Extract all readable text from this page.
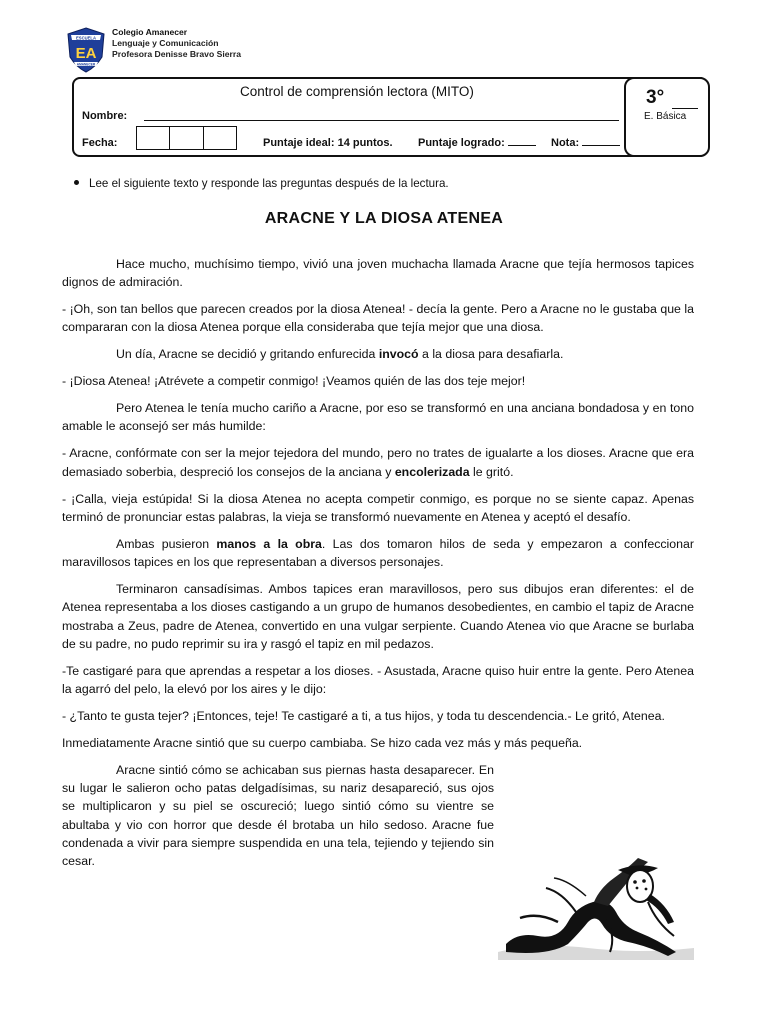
ESCUELA
EA
AMANECER
Colegio Amanecer
Lenguaje y Comunicación
Profesora Denisse Bravo Sierra
Control de comprensión lectora (MITO)
Nombre:
Fecha:	Puntaje ideal: 14 puntos. Puntaje logrado:	Nota:
3°
E. Básica
Lee el siguiente texto y responde las preguntas después de la lectura.
ARACNE Y LA DIOSA ATENEA

Hace mucho, muchísimo tiempo, vivió una joven muchacha llamada Aracne que tejía hermosos tapices dignos de admiración.

- ¡Oh, son tan bellos que parecen creados por la diosa Atenea! - decía la gente. Pero a Aracne no le gustaba que la compararan con la diosa Atenea porque ella consideraba que tejía mejor que una diosa.

Un día, Aracne se decidió y gritando enfurecida invocó a la diosa para desafiarla.

- ¡Diosa Atenea! ¡Atrévete a competir conmigo! ¡Veamos quién de las dos teje mejor!

Pero Atenea le tenía mucho cariño a Aracne, por eso se transformó en una anciana bondadosa y en tono amable le aconsejó ser más humilde:

- Aracne, confórmate con ser la mejor tejedora del mundo, pero no trates de igualarte a los dioses. Aracne que era demasiado soberbia, despreció los consejos de la anciana y encolerizada le gritó.

- ¡Calla, vieja estúpida! Si la diosa Atenea no acepta competir conmigo, es porque no se siente capaz. Apenas terminó de pronunciar estas palabras, la vieja se transformó nuevamente en Atenea y aceptó el desafío.

Ambas pusieron manos a la obra. Las dos tomaron hilos de seda y empezaron a confeccionar maravillosos tapices en los que representaban a diversos personajes.

Terminaron cansadísimas. Ambos tapices eran maravillosos, pero sus dibujos eran diferentes: el de Atenea representaba a los dioses castigando a un grupo de humanos desobedientes, en cambio el tapiz de Aracne mostraba a Zeus, padre de Atenea, convertido en una vulgar serpiente. Cuando Atenea vio que Aracne se burlaba de su padre, no pudo reprimir su ira y rasgó el tapiz en mil pedazos.

-Te castigaré para que aprendas a respetar a los dioses. - Asustada, Aracne quiso huir entre la gente. Pero Atenea la agarró del pelo, la elevó por los aires y le dijo:

- ¿Tanto te gusta tejer? ¡Entonces, teje! Te castigaré a ti, a tus hijos, y toda tu descendencia.- Le gritó, Atenea.

Inmediatamente Aracne sintió que su cuerpo cambiaba. Se hizo cada vez más y más pequeña.

Aracne sintió cómo se achicaban sus piernas hasta desaparecer. En su lugar le salieron ocho patas delgadísimas, su nariz desapareció, sus ojos se multiplicaron y su piel se oscureció; luego sintió cómo su vientre se abultaba y vio con horror que desde él brotaba un hilo sedoso. Aracne fue condenada a vivir para siempre suspendida en una tela, tejiendo y tejiendo sin cesar.
